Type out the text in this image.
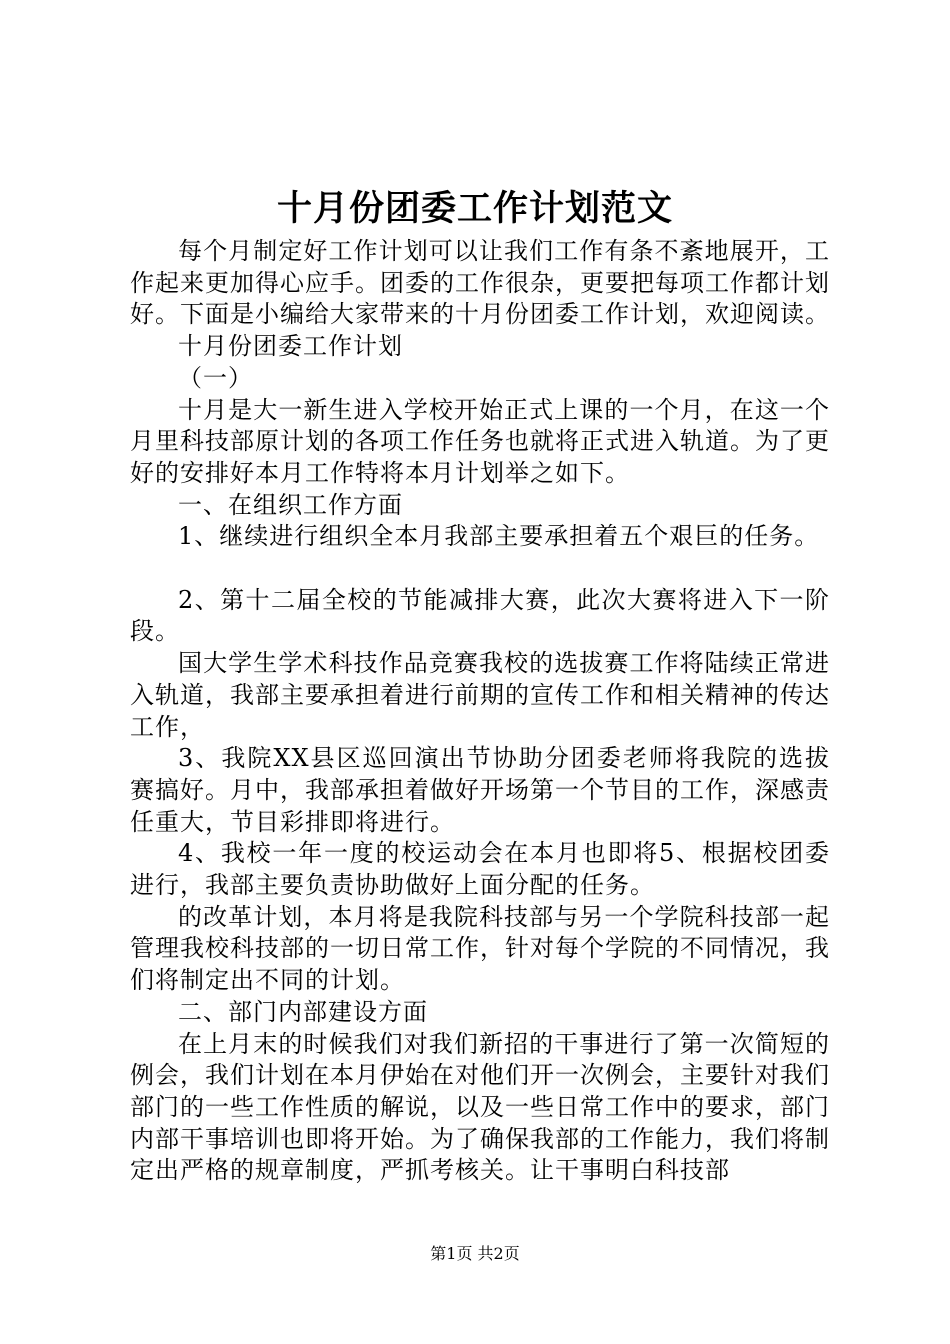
十月份团委工作计划范文

每个月制定好工作计划可以让我们工作有条不紊地展开，工作起来更加得心应手。团委的工作很杂，更要把每项工作都计划好。下面是小编给大家带来的十月份团委工作计划，欢迎阅读。

十月份团委工作计划

（一）

十月是大一新生进入学校开始正式上课的一个月，在这一个月里科技部原计划的各项工作任务也就将正式进入轨道。为了更好的安排好本月工作特将本月计划举之如下。

一、在组织工作方面

1、继续进行组织全本月我部主要承担着五个艰巨的任务。

2、第十二届全校的节能减排大赛，此次大赛将进入下一阶段。

国大学生学术科技作品竞赛我校的选拔赛工作将陆续正常进入轨道，我部主要承担着进行前期的宣传工作和相关精神的传达工作，

3、我院XX县区巡回演出节协助分团委老师将我院的选拔赛搞好。月中，我部承担着做好开场第一个节目的工作，深感责任重大，节目彩排即将进行。

4、我校一年一度的校运动会在本月也即将5、根据校团委进行，我部主要负责协助做好上面分配的任务。

的改革计划，本月将是我院科技部与另一个学院科技部一起管理我校科技部的一切日常工作，针对每个学院的不同情况，我们将制定出不同的计划。

二、部门内部建设方面

在上月末的时候我们对我们新招的干事进行了第一次简短的例会，我们计划在本月伊始在对他们开一次例会，主要针对我们部门的一些工作性质的解说，以及一些日常工作中的要求，部门内部干事培训也即将开始。为了确保我部的工作能力，我们将制定出严格的规章制度，严抓考核关。让干事明白科技部

第1页 共2页
